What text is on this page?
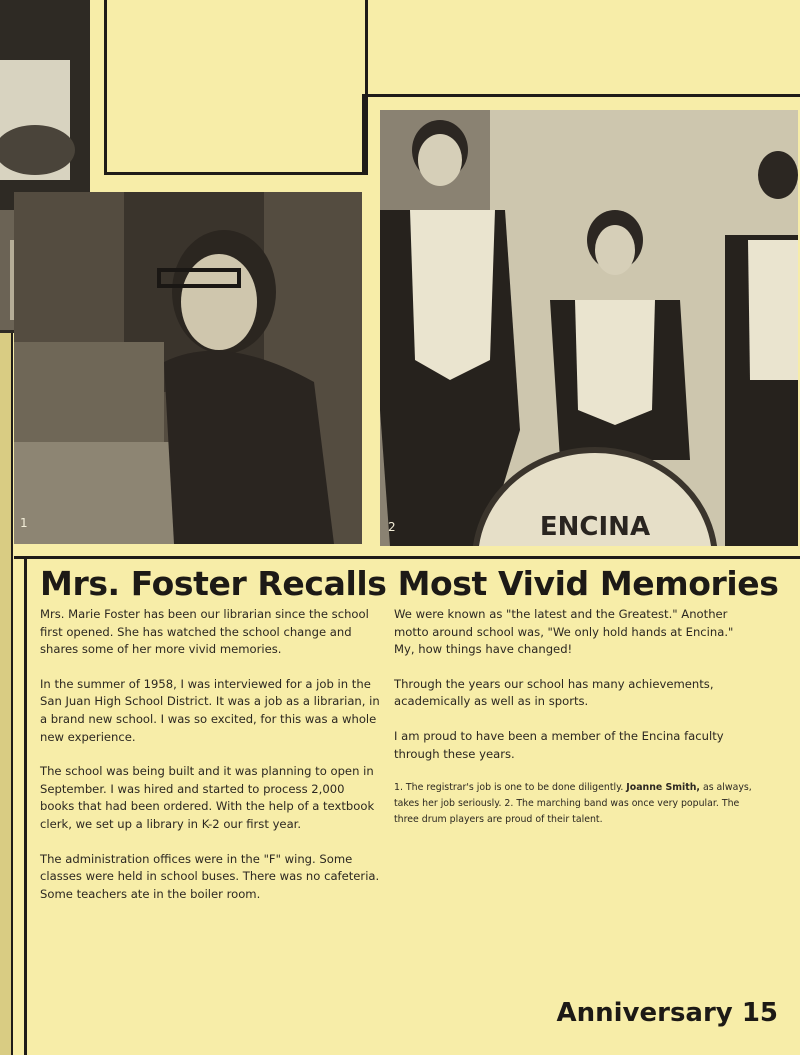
1	ENCINA
2
Mrs. Foster Recalls Most Vivid Memories

Mrs. Marie Foster has been our librarian since the school first opened. She has watched the school change and shares some of her more vivid memories.

In the summer of 1958, I was interviewed for a job in the San Juan High School District. It was a job as a librarian, in a brand new school. I was so excited, for this was a whole new experience.

The school was being built and it was planning to open in September. I was hired and started to process 2,000 books that had been ordered. With the help of a textbook clerk, we set up a library in K-2 our first year.

The administration offices were in the "F" wing. Some classes were held in school buses. There was no cafeteria. Some teachers ate in the boiler room.

We were known as "the latest and the Greatest." Another motto around school was, "We only hold hands at Encina." My, how things have changed!

Through the years our school has many achievements, academically as well as in sports.

I am proud to have been a member of the Encina faculty through these years.

1. The registrar's job is one to be done diligently. Joanne Smith, as always, takes her job seriously. 2. The marching band was once very popular. The three drum players are proud of their talent.
Anniversary 15
